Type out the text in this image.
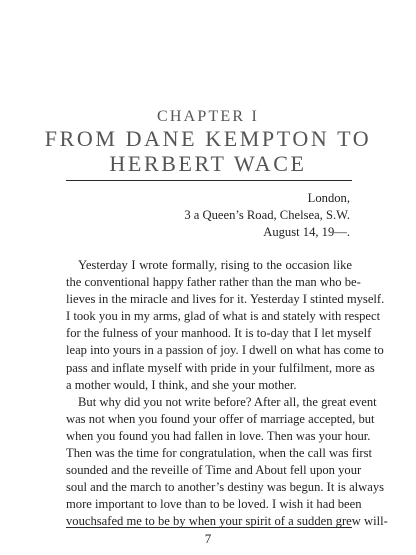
CHAPTER I
FROM DANE KEMPTON TO
HERBERT WACE
London,
3 a Queen’s Road, Chelsea, S.W.
August 14, 19—.
Yesterday I wrote formally, rising to the occasion like
the conventional happy father rather than the man who be-
lieves in the miracle and lives for it. Yesterday I stinted myself.
I took you in my arms, glad of what is and stately with respect
for the fulness of your manhood. It is to-day that I let myself
leap into yours in a passion of joy. I dwell on what has come to
pass and inflate myself with pride in your fulfilment, more as
a mother would, I think, and she your mother.
But why did you not write before? After all, the great event
was not when you found your offer of marriage accepted, but
when you found you had fallen in love. Then was your hour.
Then was the time for congratulation, when the call was first
sounded and the reveille of Time and About fell upon your
soul and the march to another’s destiny was begun. It is always
more important to love than to be loved. I wish it had been
vouchsafed me to be by when your spirit of a sudden grew will-
7
